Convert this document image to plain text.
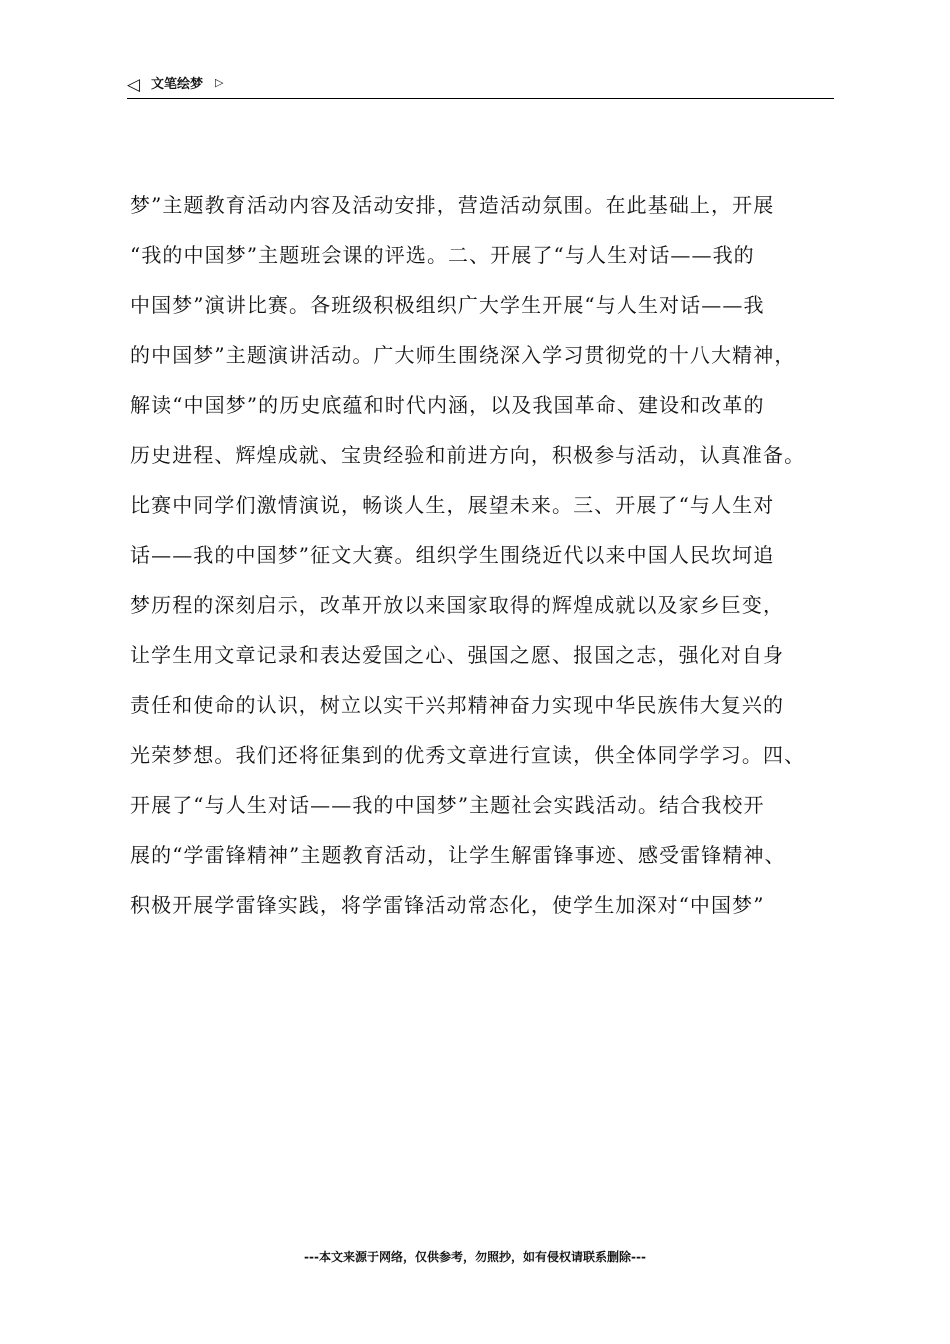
◁ 文笔绘梦 ▷
梦”主题教育活动内容及活动安排，营造活动氛围。在此基础上，开展
“我的中国梦”主题班会课的评选。二、开展了“与人生对话——我的
中国梦”演讲比赛。各班级积极组织广大学生开展“与人生对话——我
的中国梦”主题演讲活动。广大师生围绕深入学习贯彻党的十八大精神，
解读“中国梦”的历史底蕴和时代内涵，以及我国革命、建设和改革的
历史进程、辉煌成就、宝贵经验和前进方向，积极参与活动，认真准备。
比赛中同学们激情演说，畅谈人生，展望未来。三、开展了“与人生对
话——我的中国梦”征文大赛。组织学生围绕近代以来中国人民坎坷追
梦历程的深刻启示，改革开放以来国家取得的辉煌成就以及家乡巨变，
让学生用文章记录和表达爱国之心、强国之愿、报国之志，强化对自身
责任和使命的认识，树立以实干兴邦精神奋力实现中华民族伟大复兴的
光荣梦想。我们还将征集到的优秀文章进行宣读，供全体同学学习。四、
开展了“与人生对话——我的中国梦”主题社会实践活动。结合我校开
展的“学雷锋精神”主题教育活动，让学生解雷锋事迹、感受雷锋精神、
积极开展学雷锋实践，将学雷锋活动常态化，使学生加深对“中国梦”
---本文来源于网络，仅供参考，勿照抄，如有侵权请联系删除---
